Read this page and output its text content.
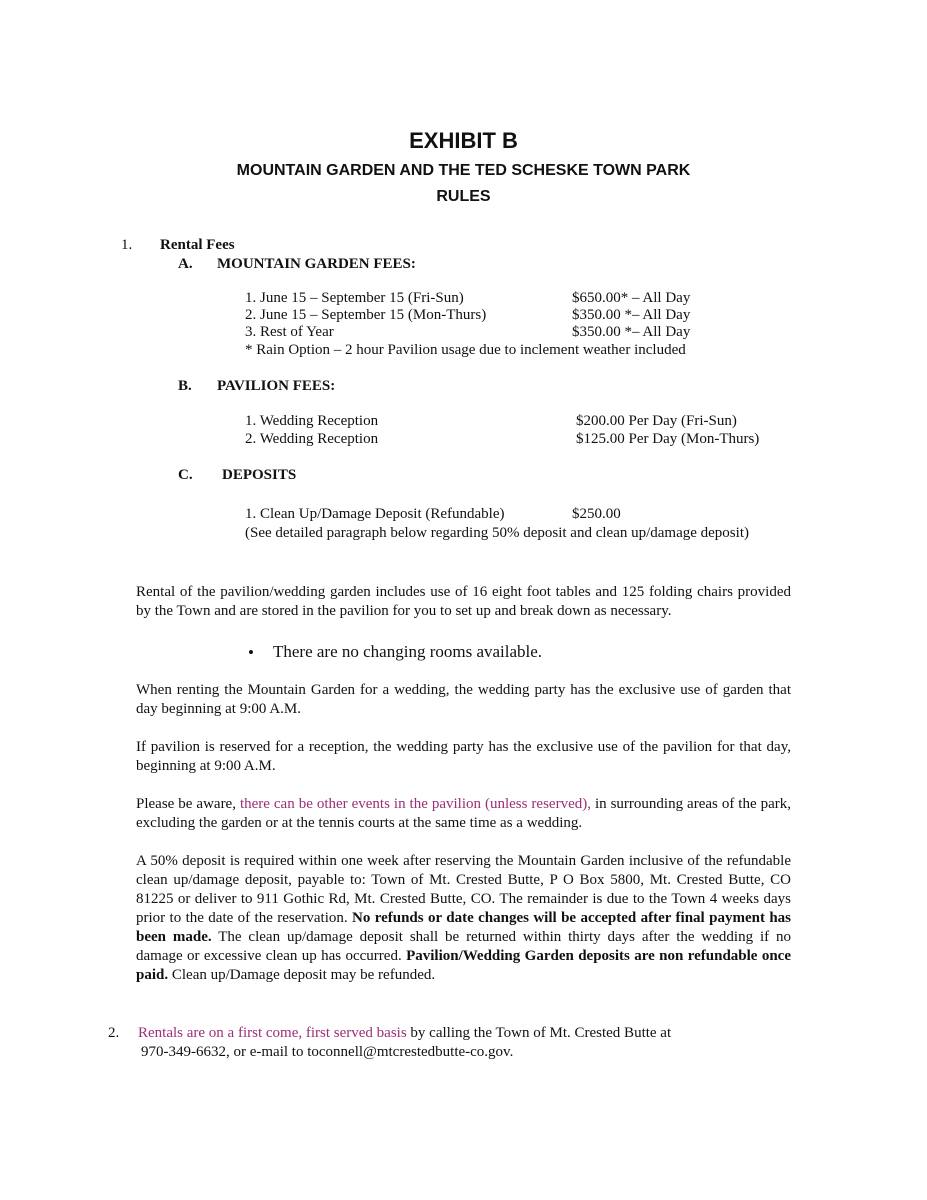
EXHIBIT B
MOUNTAIN GARDEN AND THE TED SCHESKE TOWN PARK
RULES
1. Rental Fees
A. MOUNTAIN GARDEN FEES:
1. June 15 – September 15 (Fri-Sun)	$650.00* – All Day
2. June 15 – September 15 (Mon-Thurs)	$350.00 *– All Day
3. Rest of Year	$350.00 *– All Day
* Rain Option – 2 hour Pavilion usage due to inclement weather included
B. PAVILION FEES:
1. Wedding Reception	$200.00 Per Day (Fri-Sun)
2. Wedding Reception	$125.00 Per Day (Mon-Thurs)
C. DEPOSITS
1. Clean Up/Damage Deposit (Refundable)	$250.00
(See detailed paragraph below regarding 50% deposit and clean up/damage deposit)
Rental of the pavilion/wedding garden includes use of 16 eight foot tables and 125 folding chairs provided by the Town and are stored in the pavilion for you to set up and break down as necessary.
• There are no changing rooms available.
When renting the Mountain Garden for a wedding, the wedding party has the exclusive use of garden that day beginning at 9:00 A.M.
If pavilion is reserved for a reception, the wedding party has the exclusive use of the pavilion for that day, beginning at 9:00 A.M.
Please be aware, there can be other events in the pavilion (unless reserved), in surrounding areas of the park, excluding the garden or at the tennis courts at the same time as a wedding.
A 50% deposit is required within one week after reserving the Mountain Garden inclusive of the refundable clean up/damage deposit, payable to: Town of Mt. Crested Butte, P O Box 5800, Mt. Crested Butte, CO 81225 or deliver to 911 Gothic Rd, Mt. Crested Butte, CO. The remainder is due to the Town 4 weeks days prior to the date of the reservation. No refunds or date changes will be accepted after final payment has been made. The clean up/damage deposit shall be returned within thirty days after the wedding if no damage or excessive clean up has occurred. Pavilion/Wedding Garden deposits are non refundable once paid. Clean up/Damage deposit may be refunded.
2. Rentals are on a first come, first served basis by calling the Town of Mt. Crested Butte at
970-349-6632, or e-mail to toconnell@mtcrestedbutte-co.gov.
